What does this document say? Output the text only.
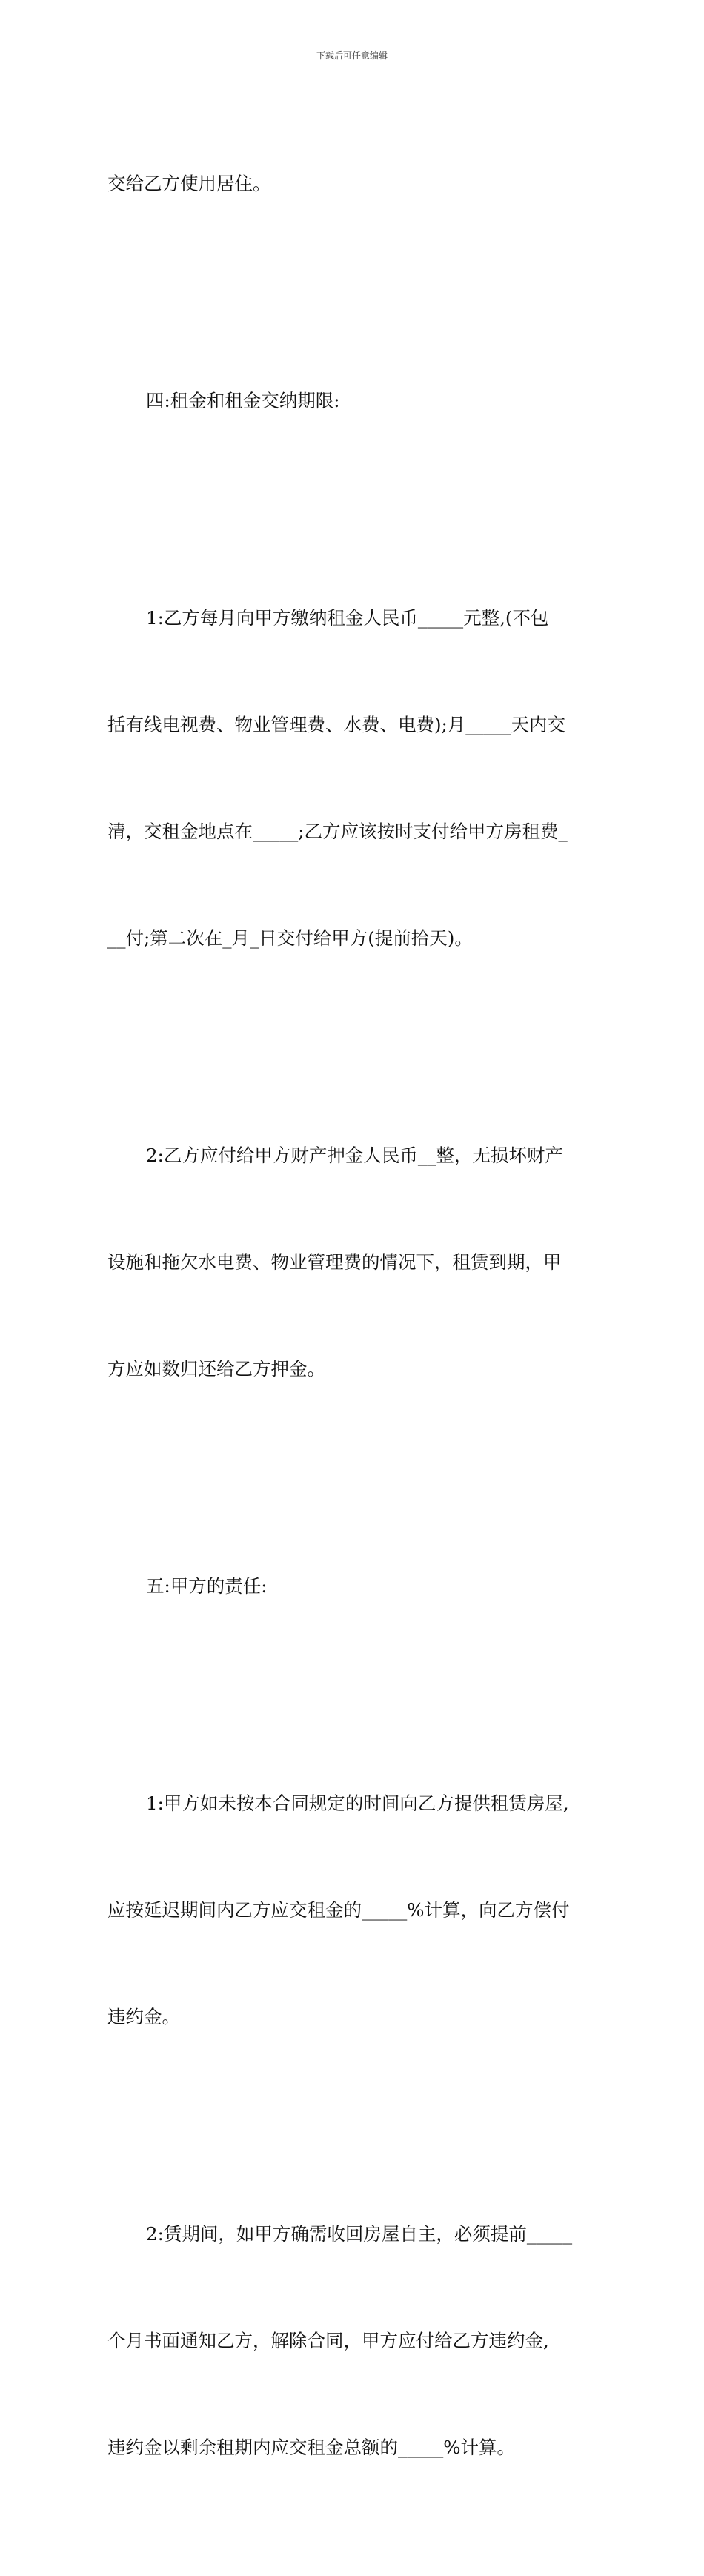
下载后可任意编辑

交给乙方使用居住。

四:租金和租金交纳期限:

1:乙方每月向甲方缴纳租金人民币_____元整,(不包

括有线电视费、物业管理费、水费、电费);月_____天内交

清，交租金地点在_____;乙方应该按时支付给甲方房租费_

__付;第二次在_月_日交付给甲方(提前拾天)。

2:乙方应付给甲方财产押金人民币__整，无损坏财产

设施和拖欠水电费、物业管理费的情况下，租赁到期，甲

方应如数归还给乙方押金。

五:甲方的责任:

1:甲方如未按本合同规定的时间向乙方提供租赁房屋,

应按延迟期间内乙方应交租金的_____%计算，向乙方偿付

违约金。

2:赁期间，如甲方确需收回房屋自主，必须提前_____

个月书面通知乙方，解除合同，甲方应付给乙方违约金,

违约金以剩余租期内应交租金总额的_____%计算。
